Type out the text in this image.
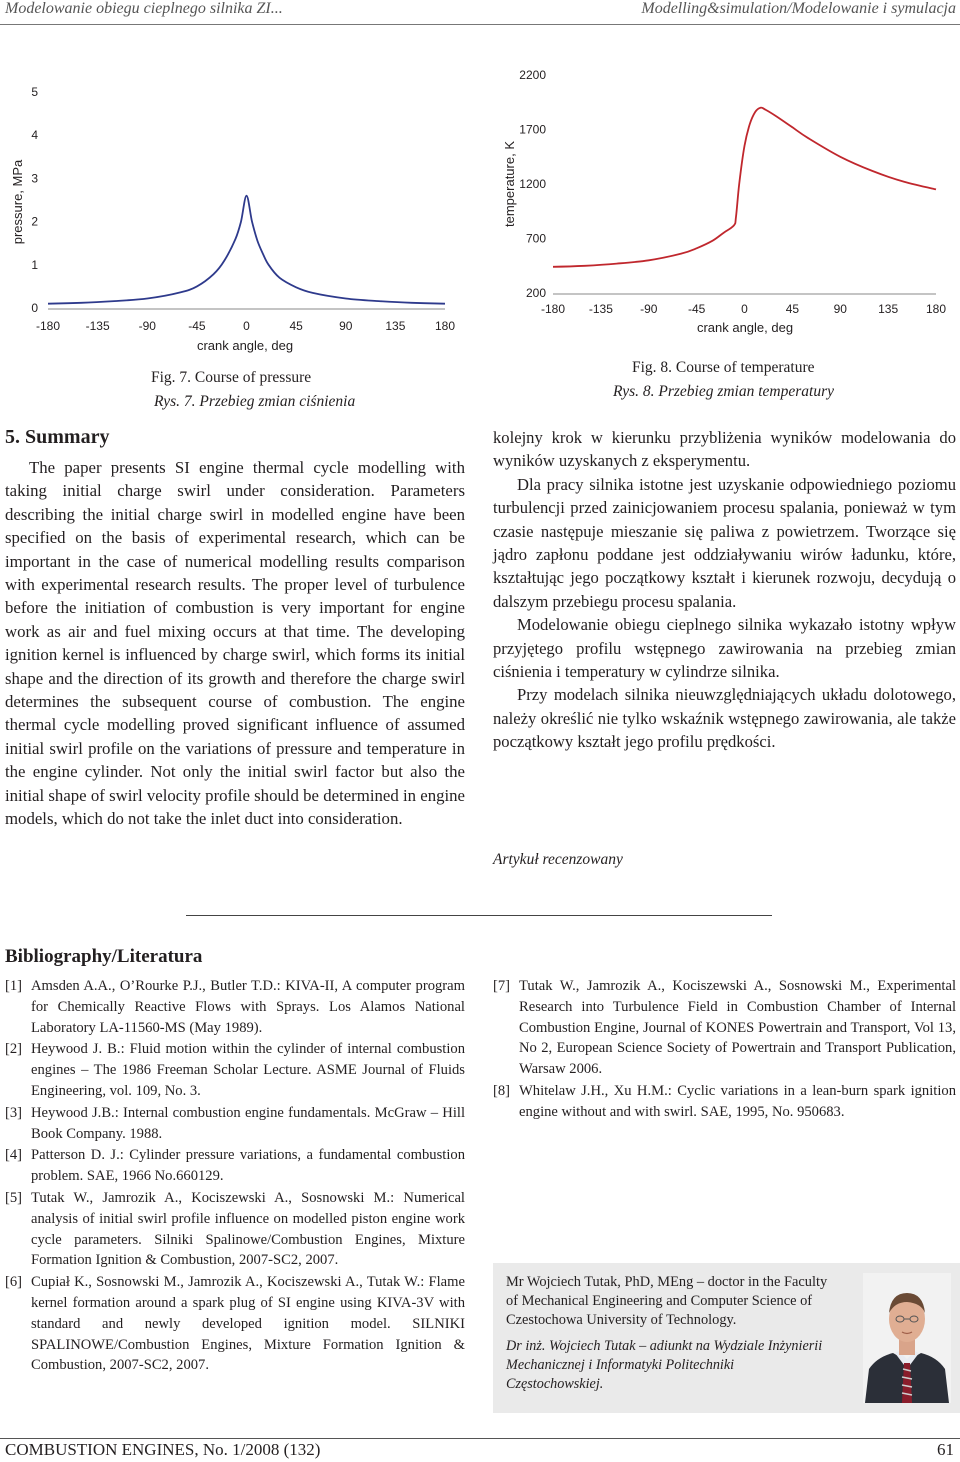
Modelowanie obiegu cieplnego silnika ZI...	Modelling&simulation/Modelowanie i symulacja
0
1
2
3
4
5
-180 -135 -90	-45	0	45	90	135 180
pressure, MPa
crank angle, deg
Fig. 7. Course of pressure
Rys. 7. Przebieg zmian ciśnienia
200
700
1200
1700
2200
-180 -135 -90	-45	0	45	90	135 180
temperature, K
crank angle, deg
Fig. 8. Course of temperature
Rys. 8. Przebieg zmian temperatury
5. Summary

The paper presents SI engine thermal cycle modelling with taking initial charge swirl under consideration. Parameters describing the initial charge swirl in modelled engine have been specified on the basis of experimental research, which can be important in the case of numerical modelling results comparison with experimental research results. The proper level of turbulence before the initiation of combustion is very important for engine work as air and fuel mixing occurs at that time. The developing ignition kernel is influenced by charge swirl, which forms its initial shape and the direction of its growth and therefore the charge swirl determines the subsequent course of combustion. The engine thermal cycle modelling proved significant influence of assumed initial swirl profile on the variations of pressure and temperature in the engine cylinder. Not only the initial swirl factor but also the initial shape of swirl velocity profile should be determined in engine models, which do not take the inlet duct into consideration.

kolejny krok w kierunku przybliżenia wyników modelowania do wyników uzyskanych z eksperymentu.

Dla pracy silnika istotne jest uzyskanie odpowiedniego poziomu turbulencji przed zainicjowaniem procesu spalania, ponieważ w tym czasie następuje mieszanie się paliwa z powietrzem. Tworzące się jądro zapłonu poddane jest oddziaływaniu wirów ładunku, które, kształtując jego początkowy kształt i kierunek rozwoju, decydują o dalszym przebiegu procesu spalania.

Modelowanie obiegu cieplnego silnika wykazało istotny wpływ przyjętego profilu wstępnego zawirowania na przebieg zmian ciśnienia i temperatury w cylindrze silnika.

Przy modelach silnika nieuwzględniających układu dolotowego, należy określić nie tylko wskaźnik wstępnego zawirowania, ale także początkowy kształt jego profilu prędkości.

Artykuł recenzowany
Bibliography/Literatura
[1] Amsden A.A., O’Rourke P.J., Butler T.D.: KIVA-II, A computer program for Chemically Reactive Flows with Sprays. Los Alamos National Laboratory LA-11560-MS (May 1989).
[2] Heywood J. B.: Fluid motion within the cylinder of internal combustion engines – The 1986 Freeman Scholar Lecture. ASME Journal of Fluids Engineering, vol. 109, No. 3.
[3] Heywood J.B.: Internal combustion engine fundamentals. McGraw – Hill Book Company. 1988.
[4] Patterson D. J.: Cylinder pressure variations, a fundamental combustion problem. SAE, 1966 No.660129.
[5] Tutak W., Jamrozik A., Kociszewski A., Sosnowski M.: Numerical analysis of initial swirl profile influence on modelled piston engine work cycle parameters. Silniki Spalinowe/Combustion Engines, Mixture Formation Ignition & Combustion, 2007-SC2, 2007.
[6] Cupiał K., Sosnowski M., Jamrozik A., Kociszewski A., Tutak W.: Flame kernel formation around a spark plug of SI engine using KIVA-3V with standard and newly developed ignition model. SILNIKI SPALINOWE/Combustion Engines, Mixture Formation Ignition & Combustion, 2007-SC2, 2007.
[7] Tutak W., Jamrozik A., Kociszewski A., Sosnowski M., Experimental Research into Turbulence Field in Combustion Chamber of Internal Combustion Engine, Journal of KONES Powertrain and Transport, Vol 13, No 2, European Science Society of Powertrain and Transport Publication, Warsaw 2006.
[8] Whitelaw J.H., Xu H.M.: Cyclic variations in a lean-burn spark ignition engine without and with swirl. SAE, 1995, No. 950683.
Mr Wojciech Tutak, PhD, MEng – doctor in the Faculty of Mechanical Engineering and Computer Science of Czestochowa University of Technology.
Dr inż. Wojciech Tutak – adiunkt na Wydziale Inżynierii Mechanicznej i Informatyki Politechniki Częstochowskiej.
COMBUSTION ENGINES, No. 1/2008 (132)	61
